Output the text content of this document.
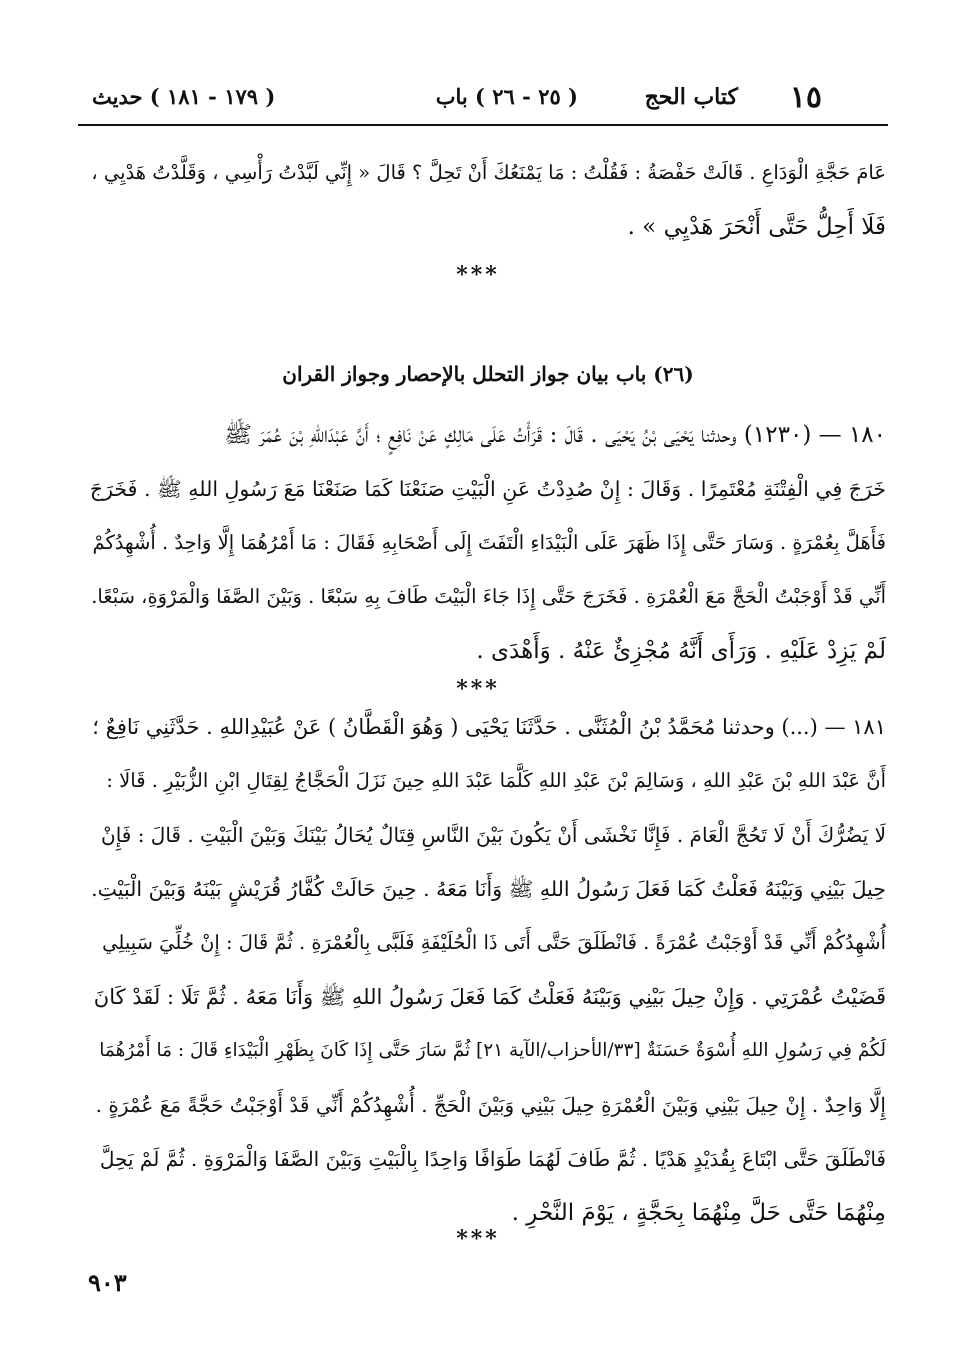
١٥
كتاب الحج
( ٢٥ - ٢٦ ) باب
( ١٧٩ - ١٨١ ) حديث
عَامَ حَجَّةِ الْوَدَاعِ . قَالَتْ حَفْصَةُ : فَقُلْتُ : مَا يَمْنَعُكَ أَنْ تَحِلَّ ؟ قَالَ « إِنِّي لَبَّدْتُ رَأْسِي ، وَقَلَّدْتُ هَدْيِي ،
فَلَا أَحِلُّ حَتَّى أَنْحَرَ هَدْيِي » .
***
(٢٦) باب بيان جواز التحلل بالإحصار وجواز القران
١٨٠ — (١٢٣٠) وحدثنا يَحْيَى بْنُ يَحْيَى . قَالَ : قَرَأْتُ عَلَى مَالِكٍ عَنْ نَافِعٍ ؛ أَنَّ عَبْدَاللهِ بْنَ عُمَرَ ﷺ
خَرَجَ فِي الْفِتْنَةِ مُعْتَمِرًا . وَقَالَ : إِنْ صُدِدْتُ عَنِ الْبَيْتِ صَنَعْنَا كَمَا صَنَعْنَا مَعَ رَسُولِ اللهِ ﷺ . فَخَرَجَ
فَأَهَلَّ بِعُمْرَةٍ . وَسَارَ حَتَّى إِذَا ظَهَرَ عَلَى الْبَيْدَاءِ الْتَفَتَ إِلَى أَصْحَابِهِ فَقَالَ : مَا أَمْرُهُمَا إِلَّا وَاحِدٌ . أُشْهِدُكُمْ
أَنِّي قَدْ أَوْجَبْتُ الْحَجَّ مَعَ الْعُمْرَةِ . فَخَرَجَ حَتَّى إِذَا جَاءَ الْبَيْتَ طَافَ بِهِ سَبْعًا . وَبَيْنَ الصَّفَا وَالْمَرْوَةِ، سَبْعًا.
لَمْ يَزِدْ عَلَيْهِ . وَرَأَى أَنَّهُ مُجْزِئٌ عَنْهُ . وَأَهْدَى .
***
١٨١ — (...) وحدثنا مُحَمَّدُ بْنُ الْمُثَنَّى . حَدَّثَنَا يَحْيَى ( وَهُوَ الْقَطَّانُ ) عَنْ عُبَيْدِاللهِ . حَدَّثَنِي نَافِعٌ ؛
أَنَّ عَبْدَ اللهِ بْنَ عَبْدِ اللهِ ، وَسَالِمَ بْنَ عَبْدِ اللهِ كَلَّمَا عَبْدَ اللهِ حِينَ نَزَلَ الْحَجَّاجُ لِقِتَالِ ابْنِ الزُّبَيْرِ . قَالَا :
لَا يَضُرُّكَ أَنْ لَا تَحُجَّ الْعَامَ . فَإِنَّا نَخْشَى أَنْ يَكُونَ بَيْنَ النَّاسِ قِتَالٌ يُحَالُ بَيْنَكَ وَبَيْنَ الْبَيْتِ . قَالَ : فَإِنْ
حِيلَ بَيْنِي وَبَيْنَهُ فَعَلْتُ كَمَا فَعَلَ رَسُولُ اللهِ ﷺ وَأَنَا مَعَهُ . حِينَ حَالَتْ كُفَّارُ قُرَيْشٍ بَيْنَهُ وَبَيْنَ الْبَيْتِ.
أُشْهِدُكُمْ أَنِّي قَدْ أَوْجَبْتُ عُمْرَةً . فَانْطَلَقَ حَتَّى أَتَى ذَا الْحُلَيْفَةِ فَلَبَّى بِالْعُمْرَةِ . ثُمَّ قَالَ : إِنْ خُلِّيَ سَبِيلِي
قَضَيْتُ عُمْرَتِي . وَإِنْ حِيلَ بَيْنِي وَبَيْنَهُ فَعَلْتُ كَمَا فَعَلَ رَسُولُ اللهِ ﷺ وَأَنَا مَعَهُ . ثُمَّ تَلَا : لَقَدْ كَانَ
لَكُمْ فِي رَسُولِ اللهِ أُسْوَةٌ حَسَنَةٌ [٣٣/الأحزاب/الآية ٢١] ثُمَّ سَارَ حَتَّى إِذَا كَانَ بِظَهْرِ الْبَيْدَاءِ قَالَ : مَا أَمْرُهُمَا
إِلَّا وَاحِدٌ . إِنْ حِيلَ بَيْنِي وَبَيْنَ الْعُمْرَةِ حِيلَ بَيْنِي وَبَيْنَ الْحَجِّ . أُشْهِدُكُمْ أَنِّي قَدْ أَوْجَبْتُ حَجَّةً مَعَ عُمْرَةٍ .
فَانْطَلَقَ حَتَّى ابْتَاعَ بِقُدَيْدٍ هَدْيًا . ثُمَّ طَافَ لَهُمَا طَوَافًا وَاحِدًا بِالْبَيْتِ وَبَيْنَ الصَّفَا وَالْمَرْوَةِ . ثُمَّ لَمْ يَحِلَّ
مِنْهُمَا حَتَّى حَلَّ مِنْهُمَا بِحَجَّةٍ ، يَوْمَ النَّحْرِ .
***
٩٠٣
